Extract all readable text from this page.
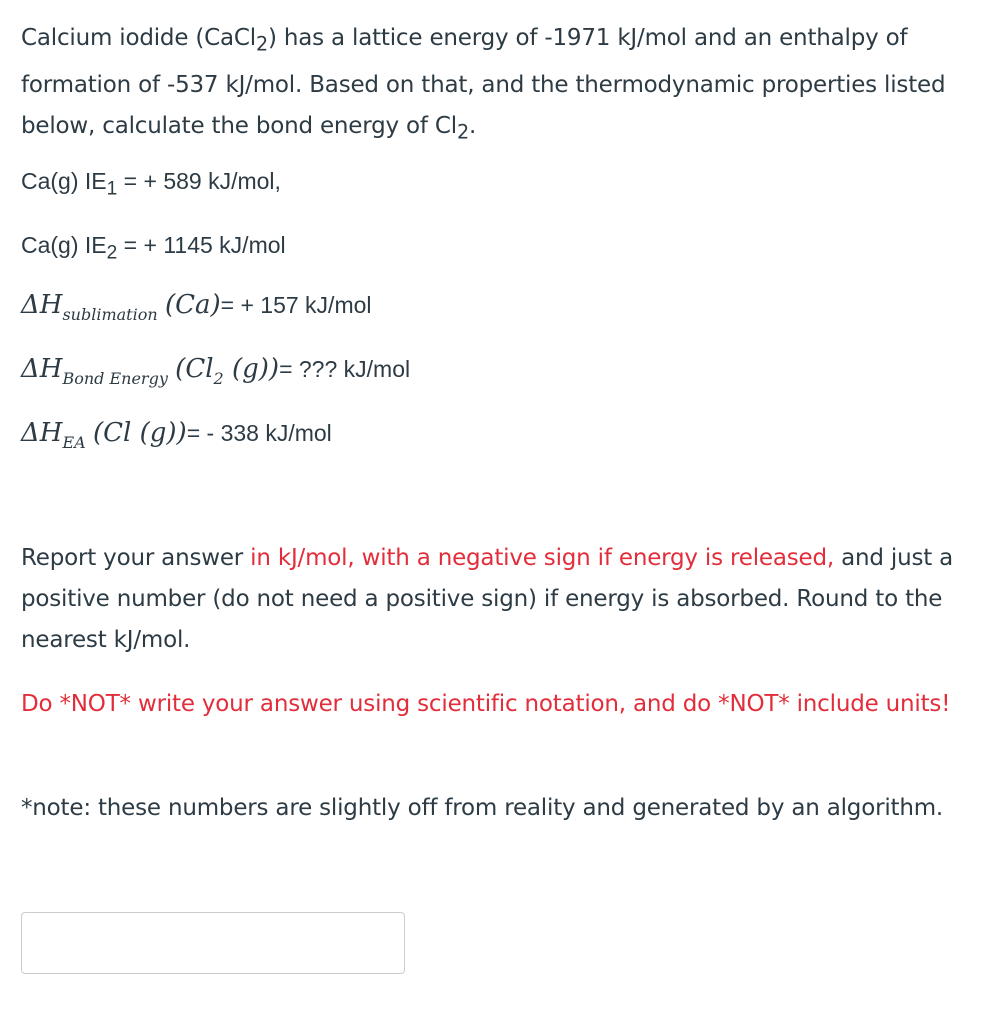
Calcium iodide (CaCl$_2$) has a lattice energy of -1971 kJ/mol and an enthalpy of formation of -537 kJ/mol. Based on that, and the thermodynamic properties listed below, calculate the bond energy of $Cl_2$.
Ca(g) $IE_1$ = + 589 kJ/mol,
Ca(g) $IE_2$ = + 1145 kJ/mol
$\Delta H_{sublimation}$ (Ca)= + 157 kJ/mol
$\Delta H_{Bond Energy}$ ($Cl_2$ (g))= ??? kJ/mol
$\Delta H_{EA}$ (Cl (g))= - 338 kJ/mol
Report your answer in kJ/mol, with a negative sign if energy is released, and just a positive number (do not need a positive sign) if energy is absorbed. Round to the nearest kJ/mol.
Do *NOT* write your answer using scientific notation, and do *NOT* include units!
*note: these numbers are slightly off from reality and generated by an algorithm.
